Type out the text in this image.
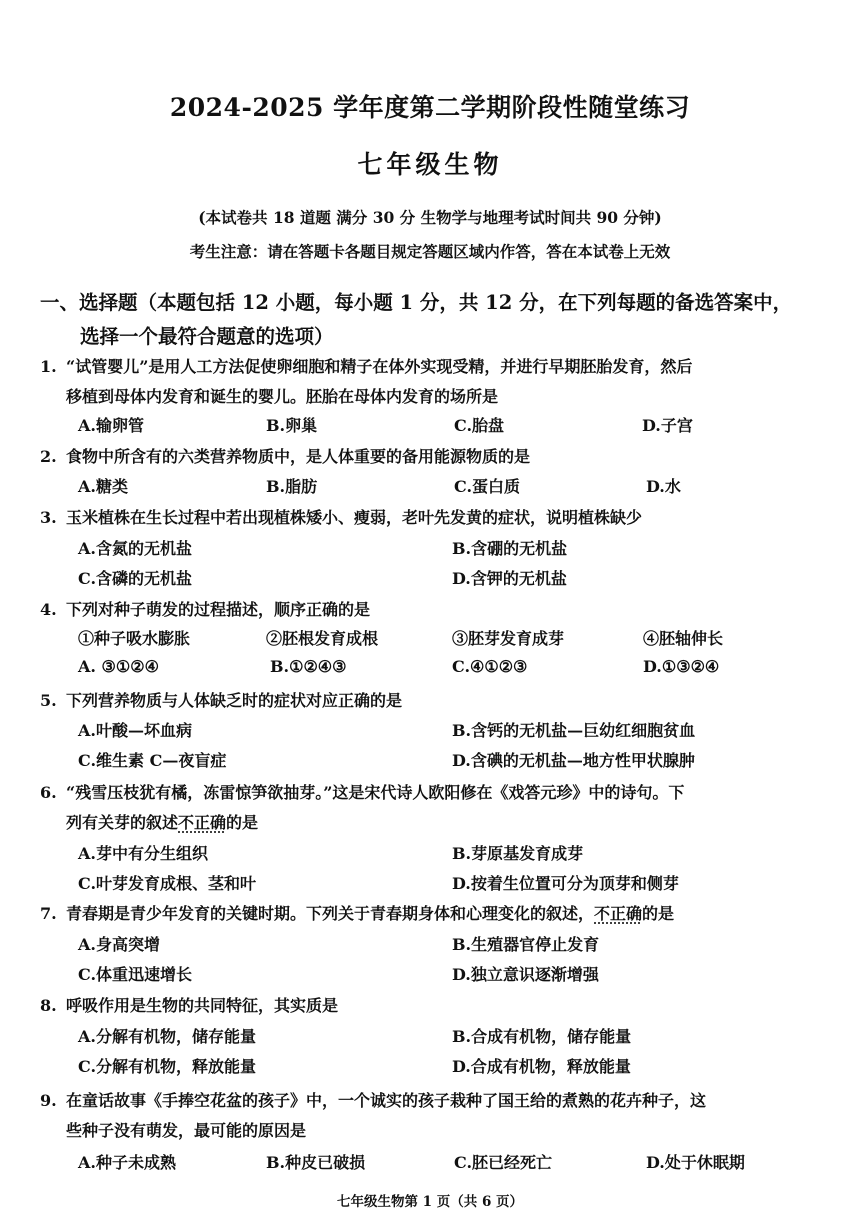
2024-2025 学年度第二学期阶段性随堂练习
七年级生物
(本试卷共 18 道题 满分 30 分 生物学与地理考试时间共 90 分钟)
考生注意：请在答题卡各题目规定答题区域内作答，答在本试卷上无效
一、选择题（本题包括 12 小题，每小题 1 分，共 12 分，在下列每题的备选答案中，
选择一个最符合题意的选项）
1. “试管婴儿”是用人工方法促使卵细胞和精子在体外实现受精，并进行早期胚胎发育，然后
移植到母体内发育和诞生的婴儿。胚胎在母体内发育的场所是
A.输卵管	B.卵巢	C.胎盘	D.子宫
2. 食物中所含有的六类营养物质中，是人体重要的备用能源物质的是
A.糖类	B.脂肪	C.蛋白质	D.水
3. 玉米植株在生长过程中若出现植株矮小、瘦弱，老叶先发黄的症状，说明植株缺少
A.含氮的无机盐	B.含硼的无机盐
C.含磷的无机盐	D.含钾的无机盐
4. 下列对种子萌发的过程描述，顺序正确的是
①种子吸水膨胀	②胚根发育成根	③胚芽发育成芽	④胚轴伸长
A. ③①②④	B.①②④③	C.④①②③	D.①③②④
5. 下列营养物质与人体缺乏时的症状对应正确的是
A.叶酸—坏血病	B.含钙的无机盐—巨幼红细胞贫血
C.维生素 C—夜盲症	D.含碘的无机盐—地方性甲状腺肿
6. “残雪压枝犹有橘，冻雷惊笋欲抽芽。”这是宋代诗人欧阳修在《戏答元珍》中的诗句。下
列有关芽的叙述不正确的是
A.芽中有分生组织	B.芽原基发育成芽
C.叶芽发育成根、茎和叶	D.按着生位置可分为顶芽和侧芽
7. 青春期是青少年发育的关键时期。下列关于青春期身体和心理变化的叙述，不正确的是
A.身高突增	B.生殖器官停止发育
C.体重迅速增长	D.独立意识逐渐增强
8. 呼吸作用是生物的共同特征，其实质是
A.分解有机物，储存能量	B.合成有机物，储存能量
C.分解有机物，释放能量	D.合成有机物，释放能量
9. 在童话故事《手捧空花盆的孩子》中，一个诚实的孩子栽种了国王给的煮熟的花卉种子，这
些种子没有萌发，最可能的原因是
A.种子未成熟	B.种皮已破损	C.胚已经死亡	D.处于休眠期
七年级生物第 1 页（共 6 页）
